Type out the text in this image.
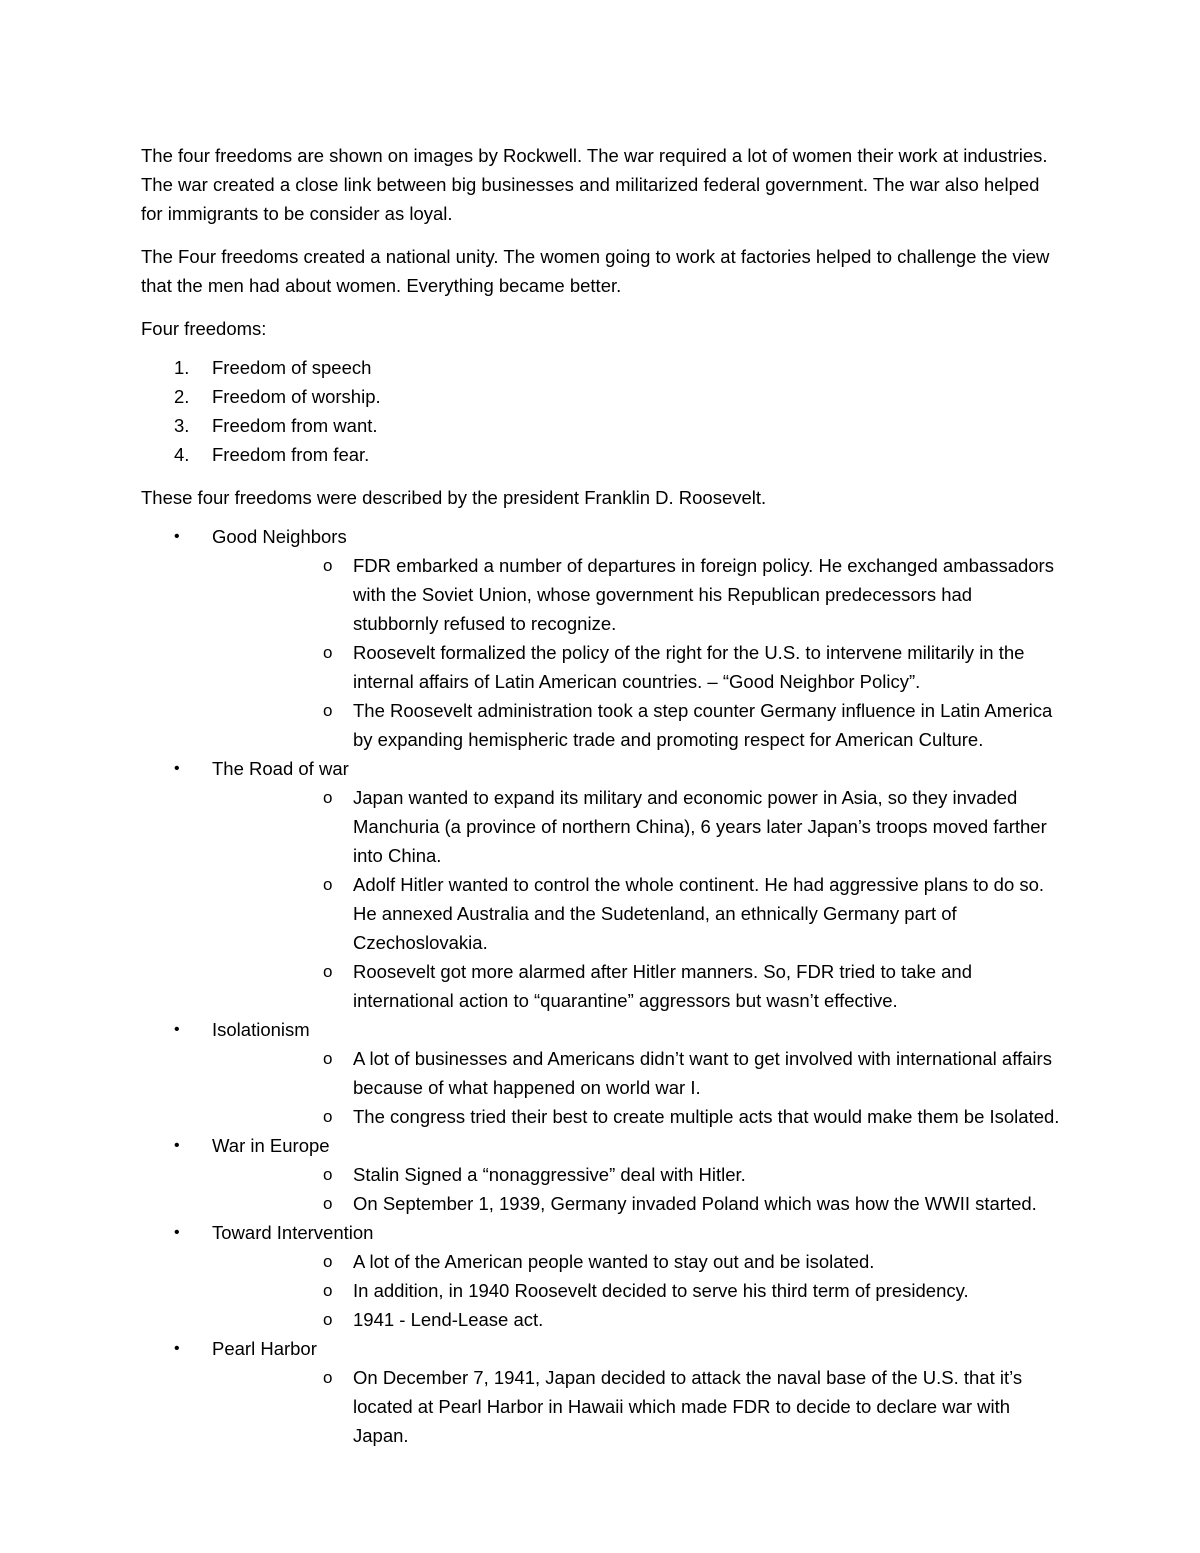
The four freedoms are shown on images by Rockwell. The war required a lot of women their work at industries. The war created a close link between big businesses and militarized federal government. The war also helped for immigrants to be consider as loyal.

The Four freedoms created a national unity. The women going to work at factories helped to challenge the view that the men had about women. Everything became better.

Four freedoms:

1. Freedom of speech
2. Freedom of worship.
3. Freedom from want.
4. Freedom from fear.

These four freedoms were described by the president Franklin D. Roosevelt.

• Good Neighbors
o FDR embarked a number of departures in foreign policy. He exchanged ambassadors with the Soviet Union, whose government his Republican predecessors had stubbornly refused to recognize.
o Roosevelt formalized the policy of the right for the U.S. to intervene militarily in the internal affairs of Latin American countries. – “Good Neighbor Policy”.
o The Roosevelt administration took a step counter Germany influence in Latin America by expanding hemispheric trade and promoting respect for American Culture.
• The Road of war
o Japan wanted to expand its military and economic power in Asia, so they invaded Manchuria (a province of northern China), 6 years later Japan’s troops moved farther into China.
o Adolf Hitler wanted to control the whole continent. He had aggressive plans to do so. He annexed Australia and the Sudetenland, an ethnically Germany part of Czechoslovakia.
o Roosevelt got more alarmed after Hitler manners. So, FDR tried to take and international action to “quarantine” aggressors but wasn’t effective.
• Isolationism
o A lot of businesses and Americans didn’t want to get involved with international affairs because of what happened on world war I.
o The congress tried their best to create multiple acts that would make them be Isolated.
• War in Europe
o Stalin Signed a “nonaggressive” deal with Hitler.
o On September 1, 1939, Germany invaded Poland which was how the WWII started.
• Toward Intervention
o A lot of the American people wanted to stay out and be isolated.
o In addition, in 1940 Roosevelt decided to serve his third term of presidency.
o 1941 - Lend-Lease act.
• Pearl Harbor
o On December 7, 1941, Japan decided to attack the naval base of the U.S. that it’s located at Pearl Harbor in Hawaii which made FDR to decide to declare war with Japan.
